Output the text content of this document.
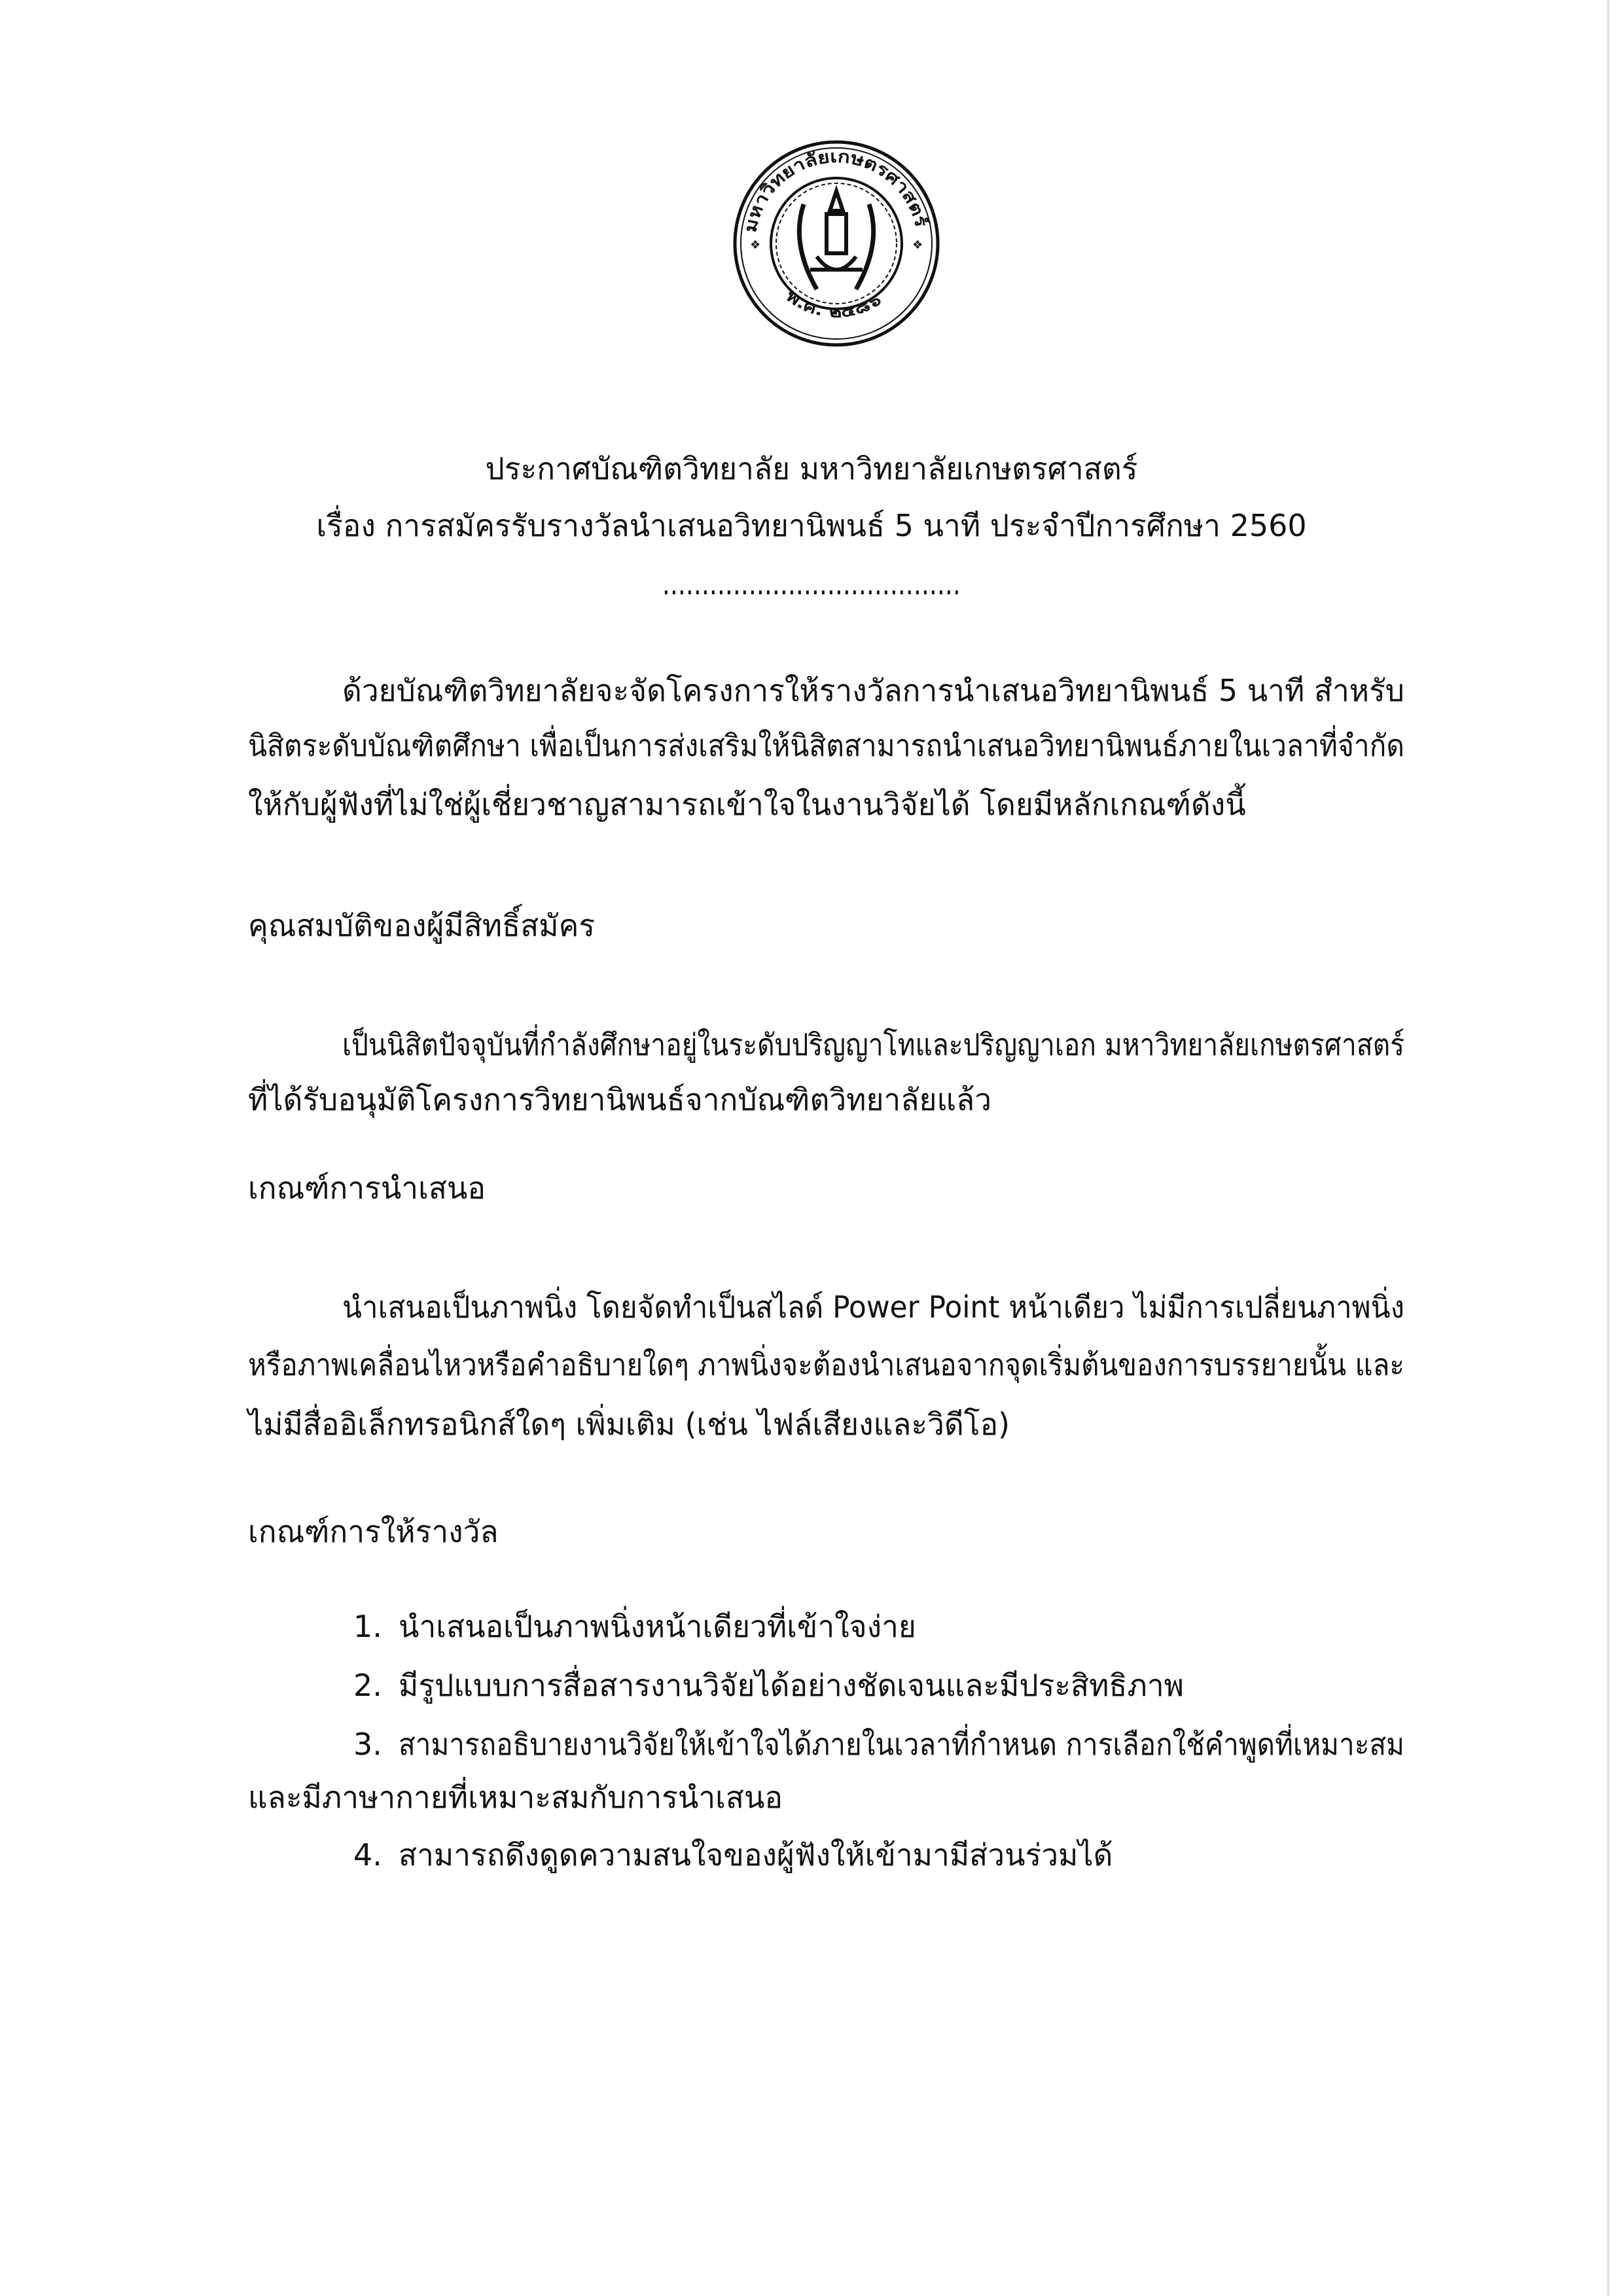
❖	❖
มหาวิทยาลัยเกษตรศาสตร์
พ.ศ. ๒๔๘๖
ประกาศบัณฑิตวิทยาลัย มหาวิทยาลัยเกษตรศาสตร์
เรื่อง การสมัครรับรางวัลนำเสนอวิทยานิพนธ์ 5 นาที ประจำปีการศึกษา 2560
......................................
ด้วยบัณฑิตวิทยาลัยจะจัดโครงการให้รางวัลการนำเสนอวิทยานิพนธ์ 5 นาที สำหรับ
นิสิตระดับบัณฑิตศึกษา เพื่อเป็นการส่งเสริมให้นิสิตสามารถนำเสนอวิทยานิพนธ์ภายในเวลาที่จำกัด
ให้กับผู้ฟังที่ไม่ใช่ผู้เชี่ยวชาญสามารถเข้าใจในงานวิจัยได้ โดยมีหลักเกณฑ์ดังนี้
คุณสมบัติของผู้มีสิทธิ์สมัคร
เป็นนิสิตปัจจุบันที่กำลังศึกษาอยู่ในระดับปริญญาโทและปริญญาเอก มหาวิทยาลัยเกษตรศาสตร์
ที่ได้รับอนุมัติโครงการวิทยานิพนธ์จากบัณฑิตวิทยาลัยแล้ว
เกณฑ์การนำเสนอ
นำเสนอเป็นภาพนิ่ง โดยจัดทำเป็นสไลด์ Power Point หน้าเดียว ไม่มีการเปลี่ยนภาพนิ่ง
หรือภาพเคลื่อนไหวหรือคำอธิบายใดๆ ภาพนิ่งจะต้องนำเสนอจากจุดเริ่มต้นของการบรรยายนั้น และ
ไม่มีสื่ออิเล็กทรอนิกส์ใดๆ เพิ่มเติม (เช่น ไฟล์เสียงและวิดีโอ)
เกณฑ์การให้รางวัล
1. นำเสนอเป็นภาพนิ่งหน้าเดียวที่เข้าใจง่าย
2. มีรูปแบบการสื่อสารงานวิจัยได้อย่างชัดเจนและมีประสิทธิภาพ
3. สามารถอธิบายงานวิจัยให้เข้าใจได้ภายในเวลาที่กำหนด การเลือกใช้คำพูดที่เหมาะสม
และมีภาษากายที่เหมาะสมกับการนำเสนอ
4. สามารถดึงดูดความสนใจของผู้ฟังให้เข้ามามีส่วนร่วมได้
